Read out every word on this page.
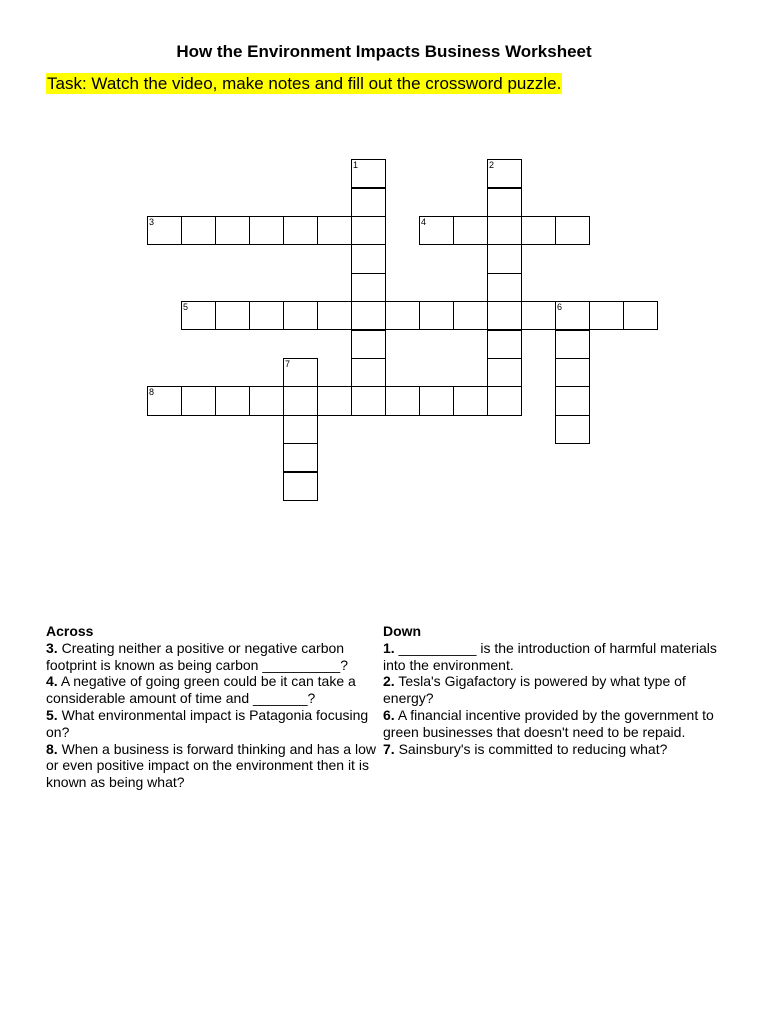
How the Environment Impacts Business Worksheet
Task: Watch the video, make notes and fill out the crossword puzzle.
3	4
5	6
8
1	2
7
Across
3. Creating neither a positive or negative carbon footprint is known as being carbon __________?
4. A negative of going green could be it can take a considerable amount of time and _______?
5. What environmental impact is Patagonia focusing on?
8. When a business is forward thinking and has a low or even positive impact on the environment then it is known as being what?
Down
1. __________ is the introduction of harmful materials into the environment.
2. Tesla's Gigafactory is powered by what type of energy?
6. A financial incentive provided by the government to green businesses that doesn't need to be repaid.
7. Sainsbury's is committed to reducing what?
